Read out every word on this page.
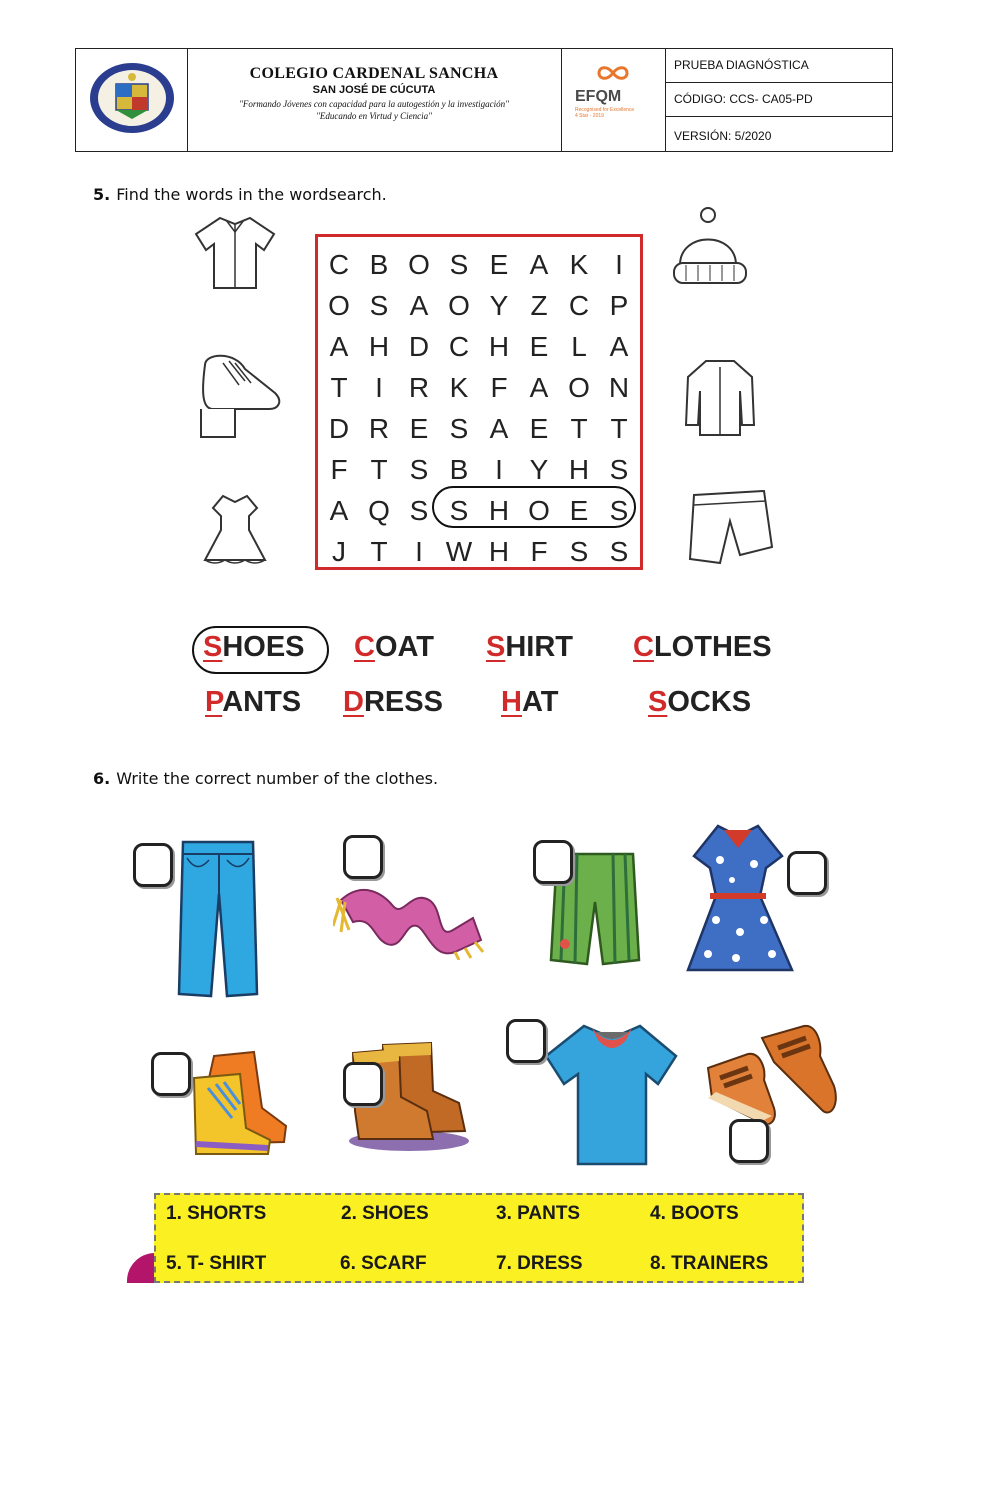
COLEGIO CARDENAL SANCHA
SAN JOSÉ DE CÚCUTA
"Formando Jóvenes con capacidad para la autogestión y la investigación"
"Educando en Virtud y Ciencia"
EFQM
Recognised for Excellence
4 Star - 2019
PRUEBA DIAGNÓSTICA
CÓDIGO: CCS- CA05-PD
VERSIÓN: 5/2020
5. Find the words in the wordsearch.
C B O S E A K I
O S A O Y Z C P
A H D C H E L A
T I R K F A O N
D R E S A E T T
F T S B I Y H S
A Q S S H O E S
J T I W H F S S
SHOES COAT SHIRT CLOTHES
PANTS DRESS HAT	SOCKS
6. Write the correct number of the clothes.
1. SHORTS	2. SHOES	3. PANTS	4. BOOTS
5. T- SHIRT	6. SCARF	7. DRESS	8. TRAINERS
